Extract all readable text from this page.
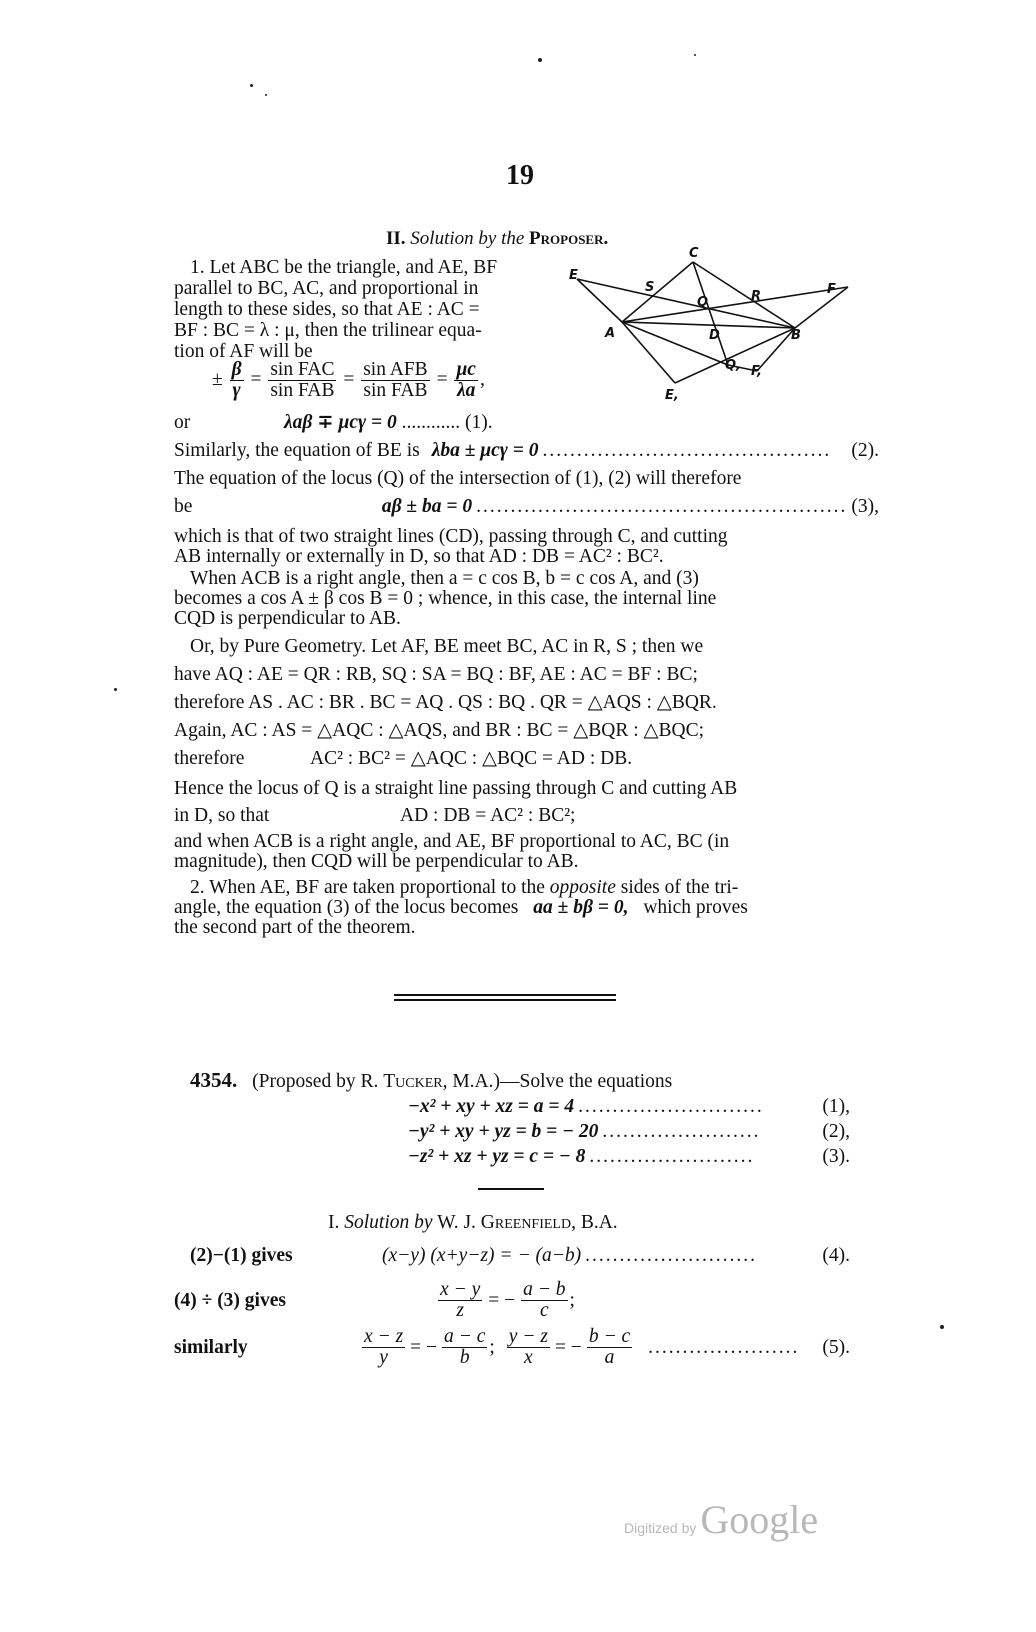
19
II. Solution by the Proposer.
1. Let ABC be the triangle, and AE, BF
parallel to BC, AC, and proportional in
length to these sides, so that AE : AC =
BF : BC = λ : μ, then the trilinear equa-
tion of AF will be
± $\frac{\beta}{\gamma} = \frac{\text{sin FAC}}{\text{sin FAB}} = \frac{\text{sin AFB}}{\text{sin FAB}} = \frac{\mu c}{\lambda a}$ ,
or	λaβ ∓ μcγ = 0 ............ (1).
Similarly, the equation of BE is λba ± μcγ = 0 ..........................................	(2).
The equation of the locus (Q) of the intersection of (1), (2) will therefore
be	aβ ± ba = 0 ...................................................... (3),
which is that of two straight lines (CD), passing through C, and cutting
AB internally or externally in D, so that AD : DB = AC² : BC².
When ACB is a right angle, then a = c cos B, b = c cos A, and (3)
becomes a cos A ± β cos B = 0 ; whence, in this case, the internal line
CQD is perpendicular to AB.
Or, by Pure Geometry. Let AF, BE meet BC, AC in R, S ; then we
have AQ : AE = QR : RB, SQ : SA = BQ : BF, AE : AC = BF : BC;
therefore AS . AC : BR . BC = AQ . QS : BQ . QR = △AQS : △BQR.
Again, AC : AS = △AQC : △AQS, and BR : BC = △BQR : △BQC;
therefore	AC² : BC² = △AQC : △BQC = AD : DB.
Hence the locus of Q is a straight line passing through C and cutting AB
in D, so that	AD : DB = AC² : BC²;
and when ACB is a right angle, and AE, BF proportional to AC, BC (in
magnitude), then CQD will be perpendicular to AB.
2. When AE, BF are taken proportional to the opposite sides of the tri-
angle, the equation (3) of the locus becomes aa ± bβ = 0, which proves
the second part of the theorem.
C
E
S
Q	R	F
A	D	B
Q, F,
E,
4354. (Proposed by R. Tucker, M.A.)—Solve the equations
−x² + xy + xz = a = 4 ...........................	(1),
−y² + xy + yz = b = − 20 .......................	(2),
−z² + xz + yz = c = − 8 ........................	(3).
I. Solution by W. J. Greenfield, B.A.
(2)−(1) gives	(x−y) (x+y−z) = − (a−b) .........................	(4).
(4) ÷ (3) gives	$\frac{x - y}{z}$ = − $\frac{a - b}{c}$ ;
similarly	$\frac{x - z}{y}$ = − $\frac{a - c}{b}$ ; $\frac{y - z}{x}$ = − $\frac{b - c}{a}$ ......................	(5).
Digitized by Google
